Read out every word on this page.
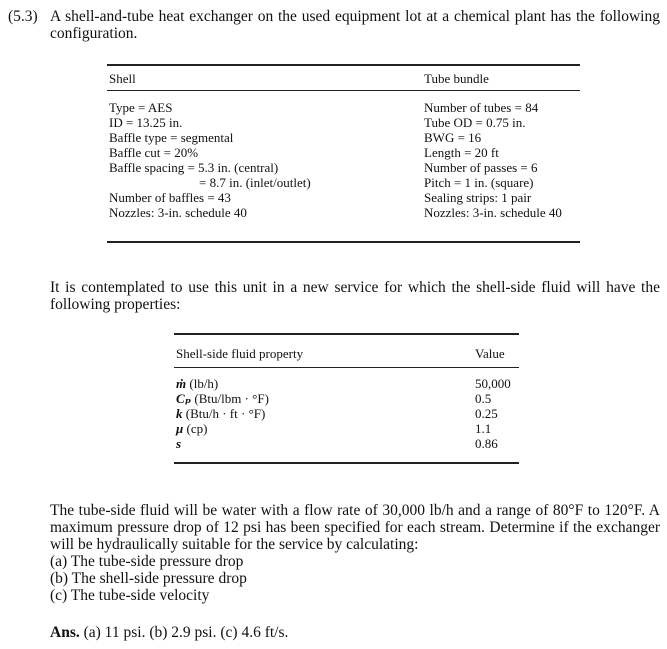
(5.3) A shell-and-tube heat exchanger on the used equipment lot at a chemical plant has the following configuration.

Shell	Tube bundle
Type = AES
ID = 13.25 in.
Baffle type = segmental
Baffle cut = 20%
Baffle spacing = 5.3 in. (central)
= 8.7 in. (inlet/outlet)
Number of baffles = 43
Nozzles: 3-in. schedule 40
Number of tubes = 84
Tube OD = 0.75 in.
BWG = 16
Length = 20 ft
Number of passes = 6
Pitch = 1 in. (square)
Sealing strips: 1 pair
Nozzles: 3-in. schedule 40

It is contemplated to use this unit in a new service for which the shell-side fluid will have the following properties:

Shell-side fluid property	Value
ṁ (lb/h)
Cₚ (Btu/lbm · °F)
k (Btu/h · ft · °F)
μ (cp)
s
50,000
0.5
0.25
1.1
0.86

The tube-side fluid will be water with a flow rate of 30,000 lb/h and a range of 80°F to 120°F. A maximum pressure drop of 12 psi has been specified for each stream. Determine if the exchanger will be hydraulically suitable for the service by calculating:

(a) The tube-side pressure drop
(b) The shell-side pressure drop
(c) The tube-side velocity
Ans. (a) 11 psi. (b) 2.9 psi. (c) 4.6 ft/s.
